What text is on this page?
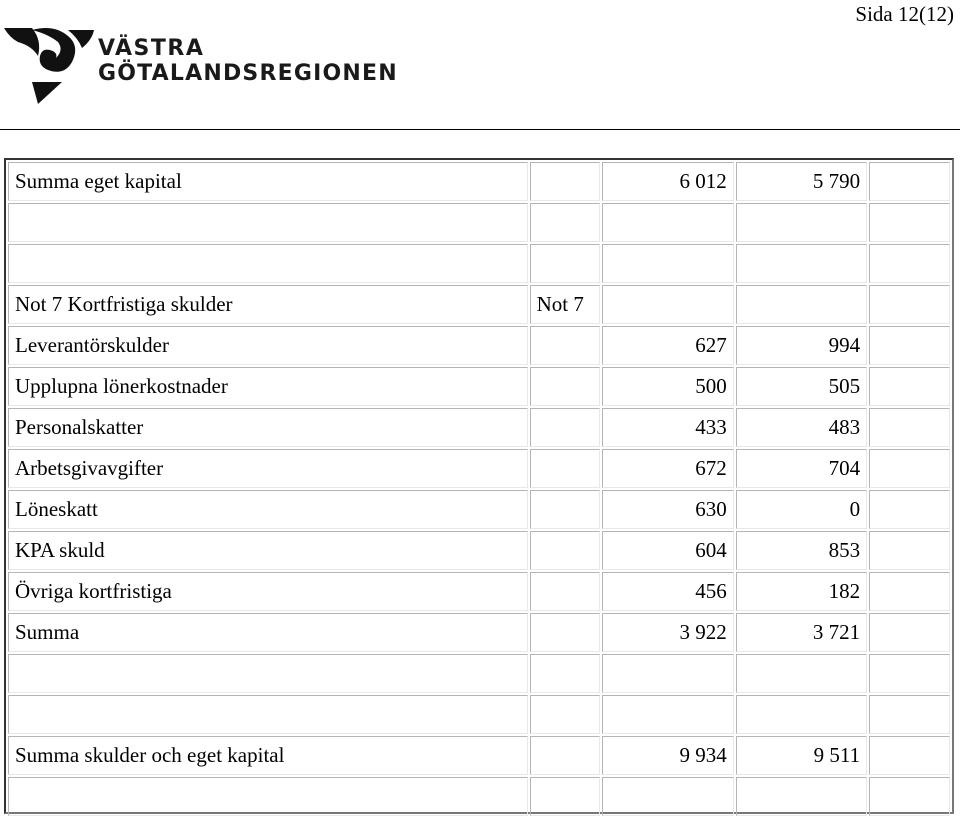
Sida 12(12)
VÄSTRA
GÖTALANDSREGIONEN
Summa eget kapital		6 012	5 790	

Not 7 Kortfristiga skulder	Not 7			
Leverantörskulder		627	994	
Upplupna lönerkostnader		500	505	
Personalskatter		433	483	
Arbetsgivavgifter		672	704	
Löneskatt		630	0	
KPA skuld		604	853	
Övriga kortfristiga		456	182	
Summa		3 922	3 721	

Summa skulder och eget kapital		9 934	9 511	
